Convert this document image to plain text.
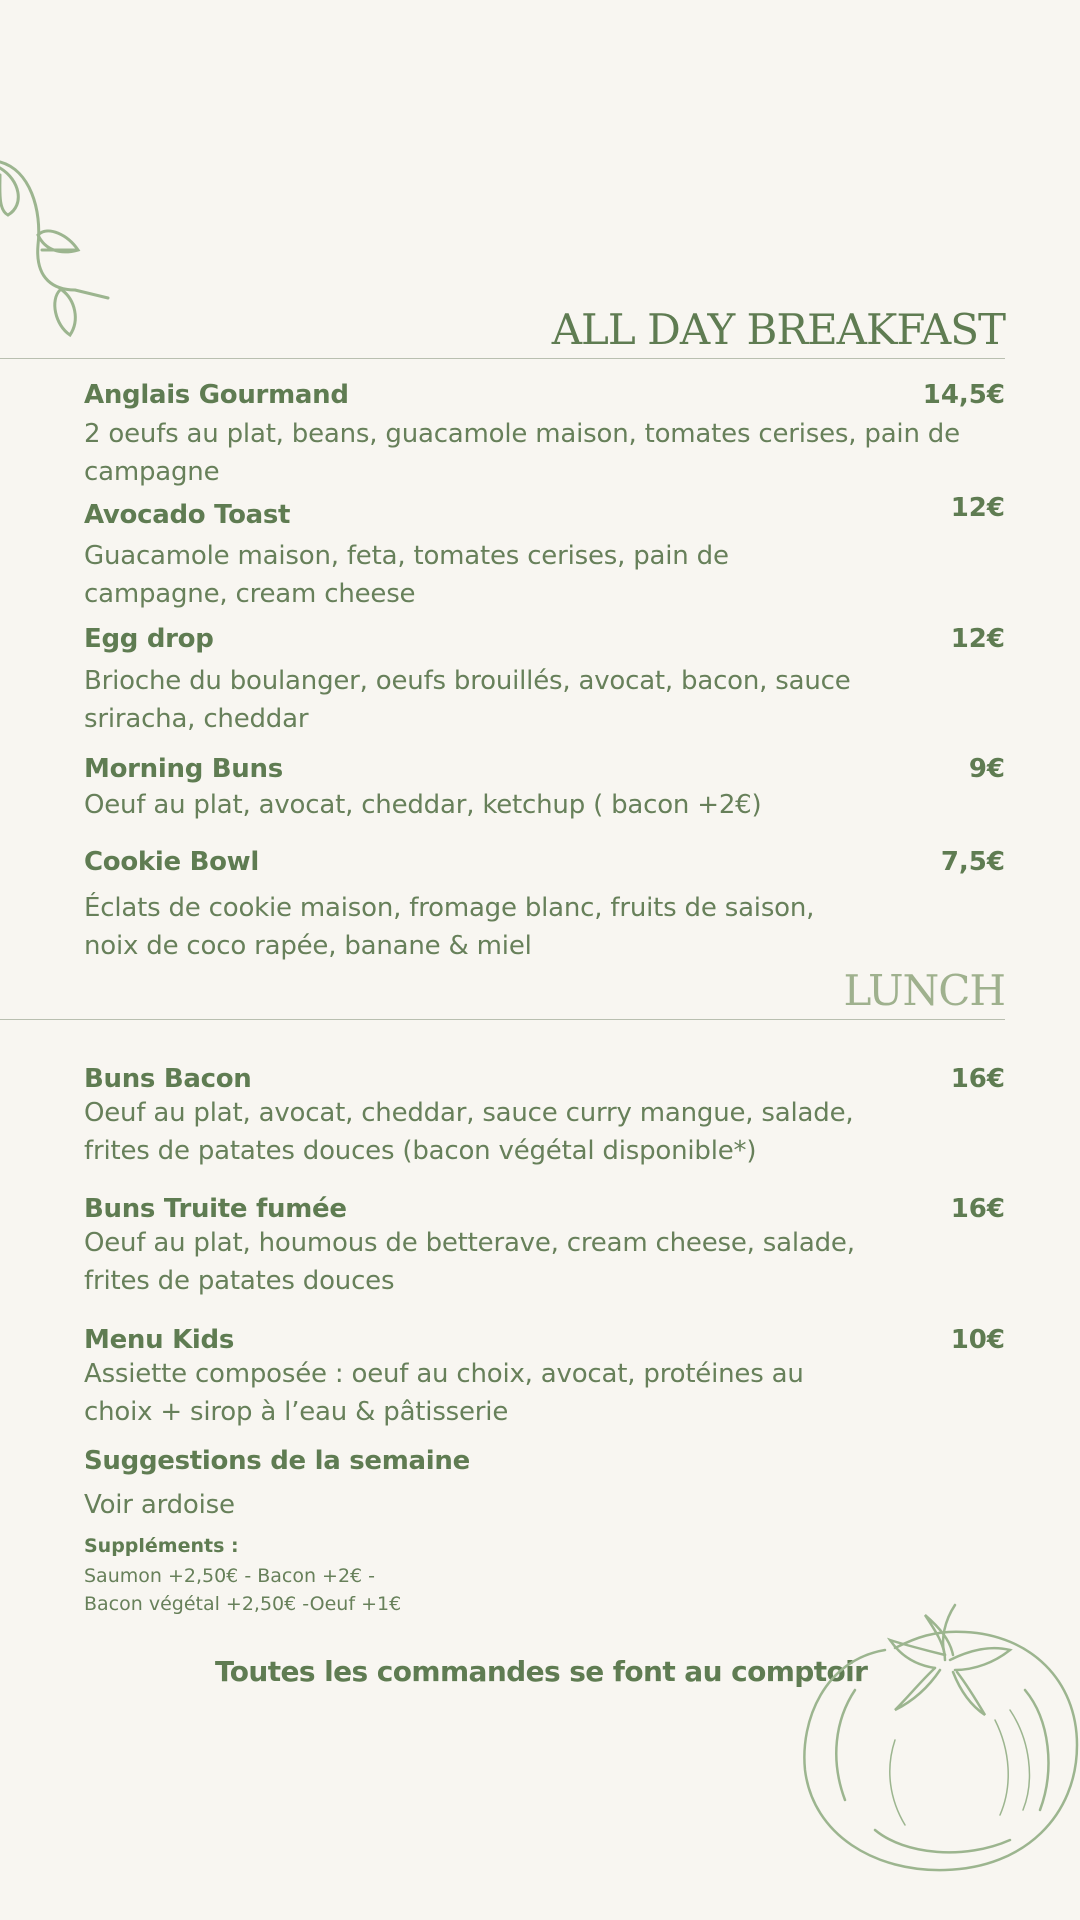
ALL DAY BREAKFAST
Anglais Gourmand	14,5€
2 oeufs au plat, beans, guacamole maison, tomates cerises, pain de
campagne
Avocado Toast	12€
Guacamole maison, feta, tomates cerises, pain de
campagne, cream cheese
Egg drop	12€
Brioche du boulanger, oeufs brouillés, avocat, bacon, sauce
sriracha, cheddar
Morning Buns	9€
Oeuf au plat, avocat, cheddar, ketchup ( bacon +2€)
Cookie Bowl	7,5€
Éclats de cookie maison, fromage blanc, fruits de saison,
noix de coco rapée, banane & miel
LUNCH
Buns Bacon	16€
Oeuf au plat, avocat, cheddar, sauce curry mangue, salade,
frites de patates douces (bacon végétal disponible*)
Buns Truite fumée	16€
Oeuf au plat, houmous de betterave, cream cheese, salade,
frites de patates douces
Menu Kids	10€
Assiette composée : oeuf au choix, avocat, protéines au
choix + sirop à l’eau & pâtisserie
Suggestions de la semaine
Voir ardoise
Suppléments :
Saumon +2,50€ - Bacon +2€ -
Bacon végétal +2,50€ -Oeuf +1€
Toutes les commandes se font au comptoir
